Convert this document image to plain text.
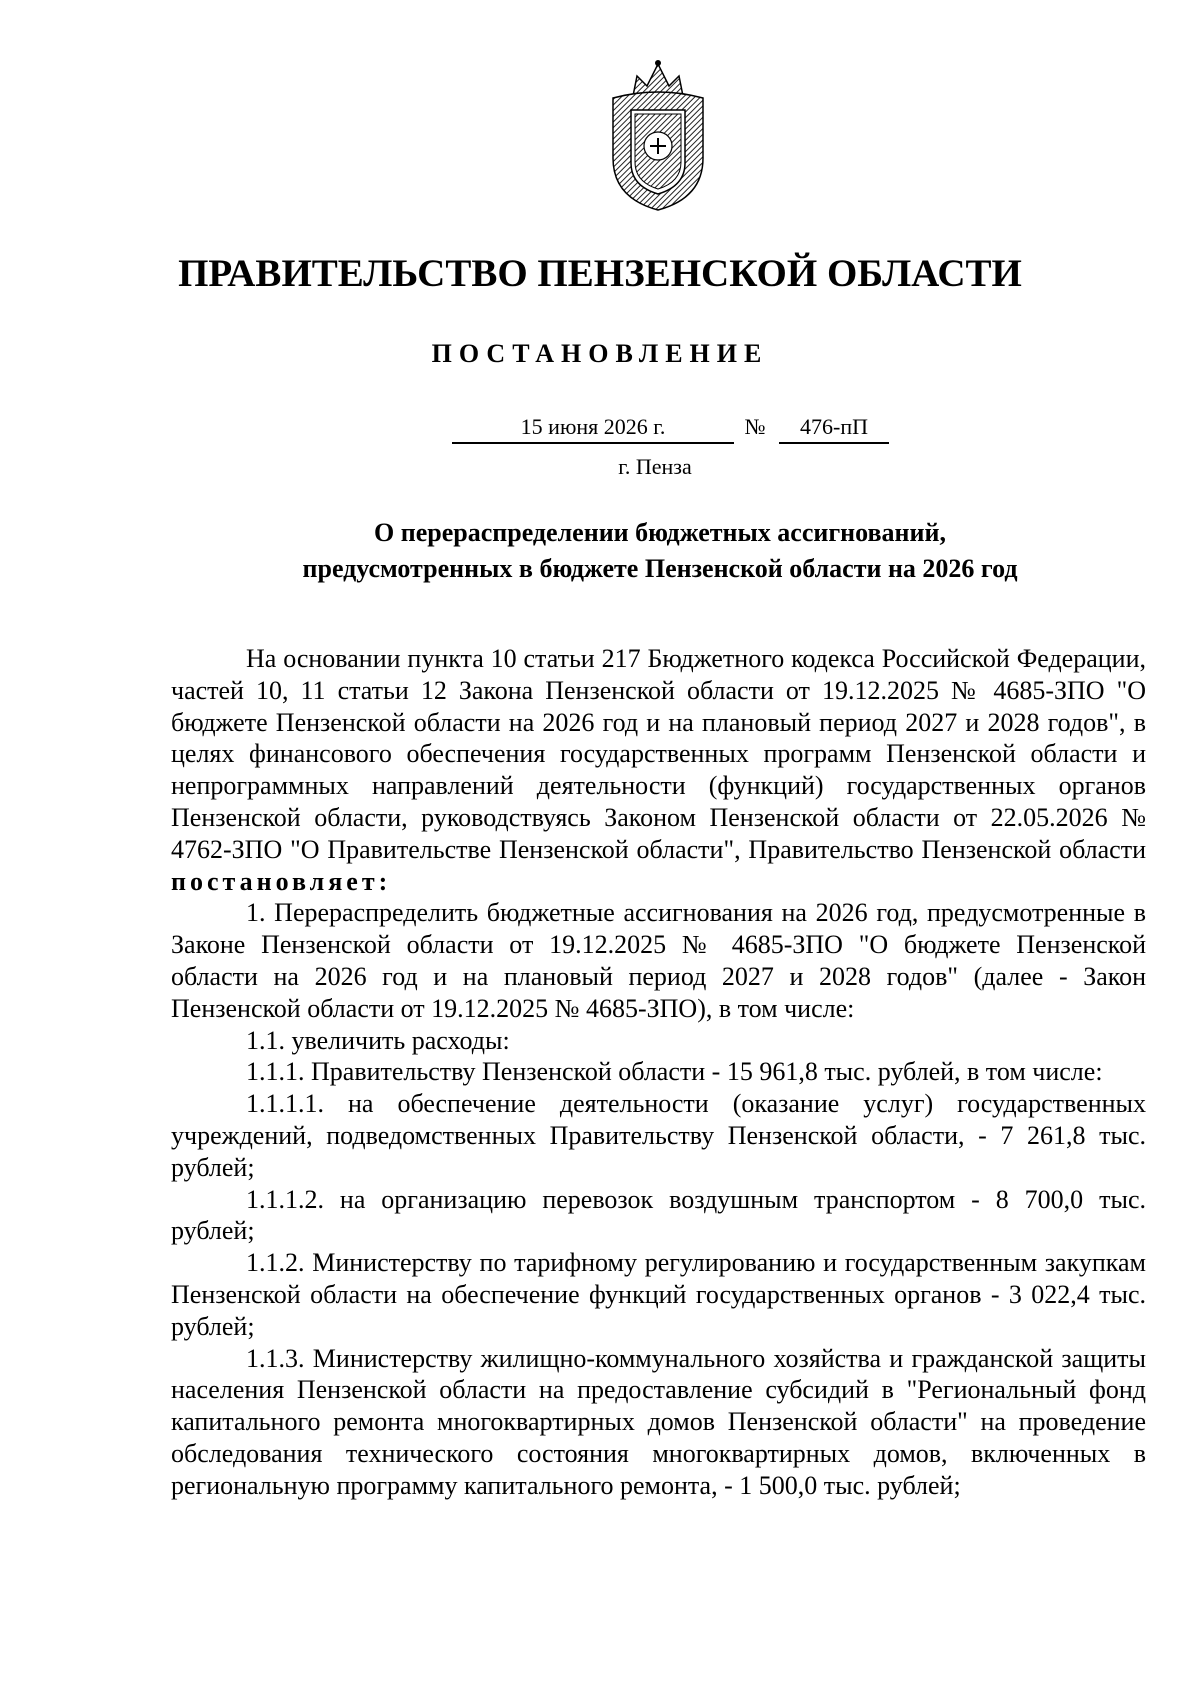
ПРАВИТЕЛЬСТВО ПЕНЗЕНСКОЙ ОБЛАСТИ
ПОСТАНОВЛЕНИЕ
15 июня 2026 г.	№	476-пП
г. Пенза
О перераспределении бюджетных ассигнований,
предусмотренных в бюджете Пензенской области на 2026 год

На основании пункта 10 статьи 217 Бюджетного кодекса Российской Федерации, частей 10, 11 статьи 12 Закона Пензенской области от 19.12.2025 № 4685-ЗПО "О бюджете Пензенской области на 2026 год и на плановый период 2027 и 2028 годов", в целях финансового обеспечения государственных программ Пензенской области и непрограммных направлений деятельности (функций) государственных органов Пензенской области, руководствуясь Законом Пензенской области от 22.05.2026 № 4762-ЗПО "О Правительстве Пензенской области", Правительство Пензенской области постановляет:

1. Перераспределить бюджетные ассигнования на 2026 год, предусмотренные в Законе Пензенской области от 19.12.2025 № 4685-ЗПО "О бюджете Пензенской области на 2026 год и на плановый период 2027 и 2028 годов" (далее - Закон Пензенской области от 19.12.2025 № 4685-ЗПО), в том числе:

1.1. увеличить расходы:

1.1.1. Правительству Пензенской области - 15 961,8 тыс. рублей, в том числе:

1.1.1.1. на обеспечение деятельности (оказание услуг) государственных учреждений, подведомственных Правительству Пензенской области, - 7 261,8 тыс. рублей;

1.1.1.2. на организацию перевозок воздушным транспортом - 8 700,0 тыс. рублей;

1.1.2. Министерству по тарифному регулированию и государственным закупкам Пензенской области на обеспечение функций государственных органов - 3 022,4 тыс. рублей;

1.1.3. Министерству жилищно-коммунального хозяйства и гражданской защиты населения Пензенской области на предоставление субсидий в "Региональный фонд капитального ремонта многоквартирных домов Пензенской области" на проведение обследования технического состояния многоквартирных домов, включенных в региональную программу капитального ремонта, - 1 500,0 тыс. рублей;
